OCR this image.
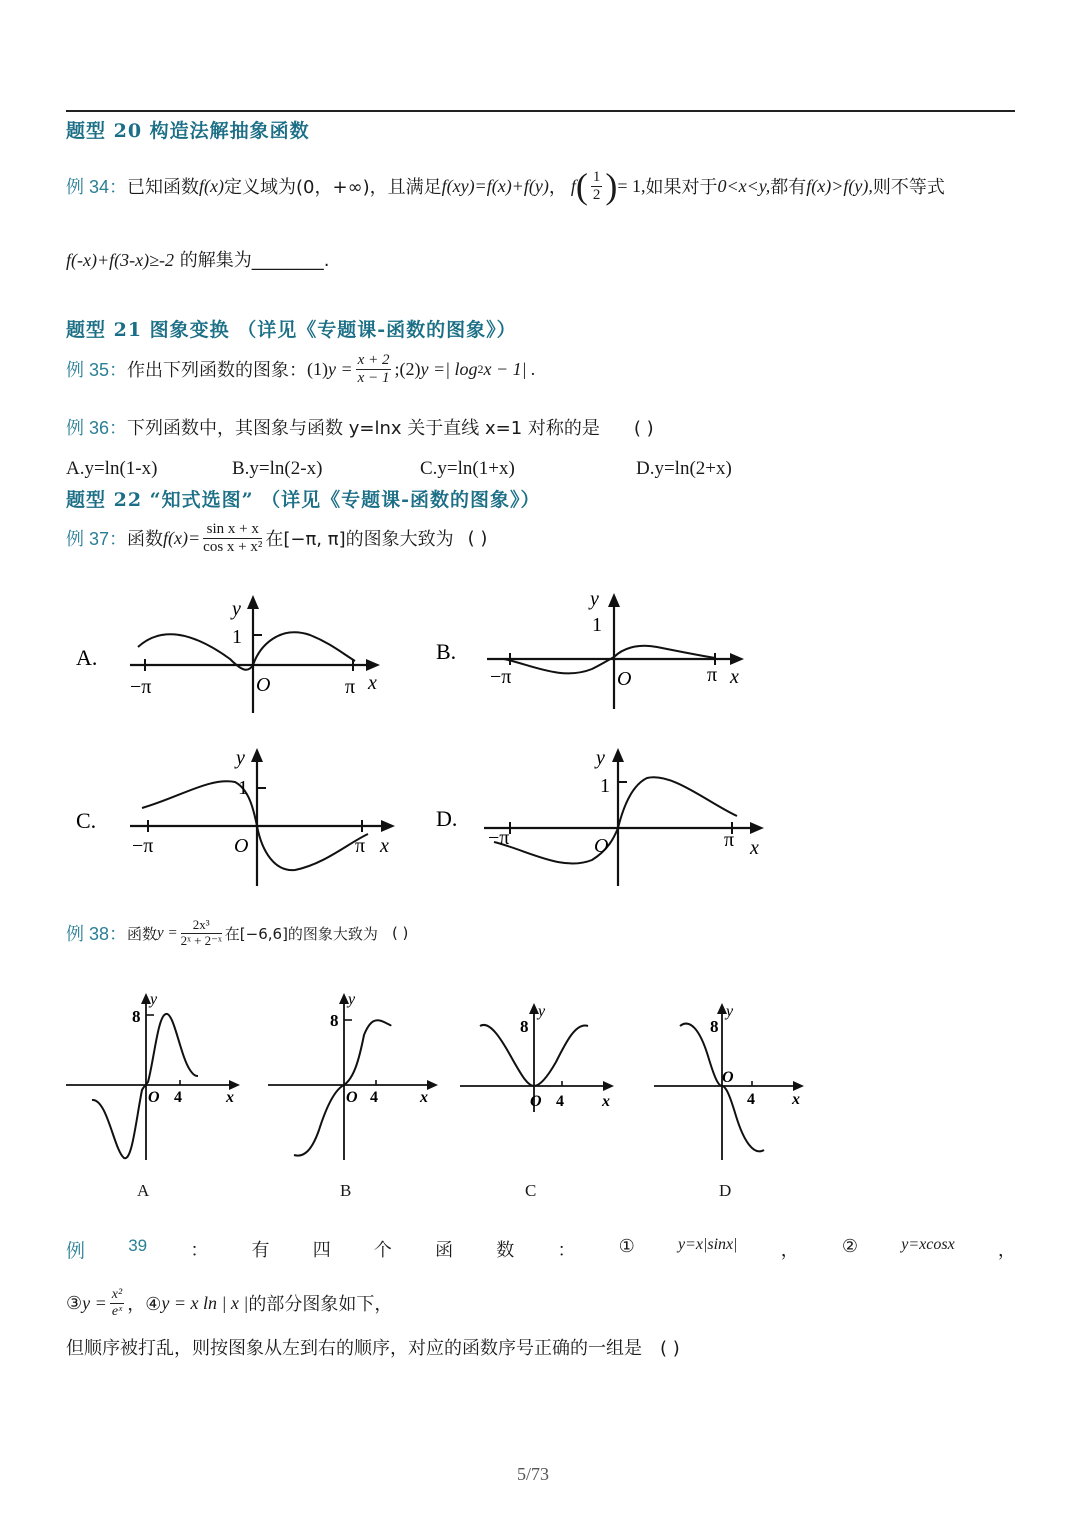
题型 20 构造法解抽象函数
例 34： 已知函数 f(x) 定义域为(0，+∞)，且满足 f(xy)=f(x)+f(y) ， f ( $\frac{1}{2}$ ) = 1, 如果对于 0<x<y, 都有 f(x)>f(y), 则不等式
f(-x)+f(3-x)≥-2 的解集为________.
题型 21 图象变换 （详见《专题课-函数的图象》）
例 35： 作出下列函数的图象： (1) $y = \frac{x + 2}{x - 1}$ ;(2) y =| log 2 x − 1| .
例 36：下列函数中，其图象与函数 y=lnx 关于直线 x=1 对称的是 ( )
A.y=ln(1-x)	B.y=ln(2-x)	C.y=ln(1+x)	D.y=ln(2+x)
题型 22 “知式选图” （详见《专题课-函数的图象》）
例 37： 函数 $f(x)= \frac{\text{sin x + x}}{\text{cos x + x²}}$ 在[−π, π]的图象大致为 ( )
A.
y
1
O
−π	π x
B.
y
1
O
−π	π x
C.
y
1
O
−π	π x
D.
y
1
O
−π	π x
例 38： 函数 $y = \frac{\text{2x³}}{\text{2ˣ + 2⁻ˣ}}$ 在[−6,6]的图象大致为 ( )
y
8
O 4	x
y
8
O 4	x
y
8
O 4 x
y
8
O
4 x
A	B	C	D
例	39 ： 有 四 个 函 数 ： ①	y=x|sinx| ， ②	y=xcosx ，
③ $y = \frac{\text{x²}}{\text{eˣ}}$ ，④ y = x ln | x | 的部分图象如下，
但顺序被打乱，则按图象从左到右的顺序，对应的函数序号正确的一组是 ( )
5/73
